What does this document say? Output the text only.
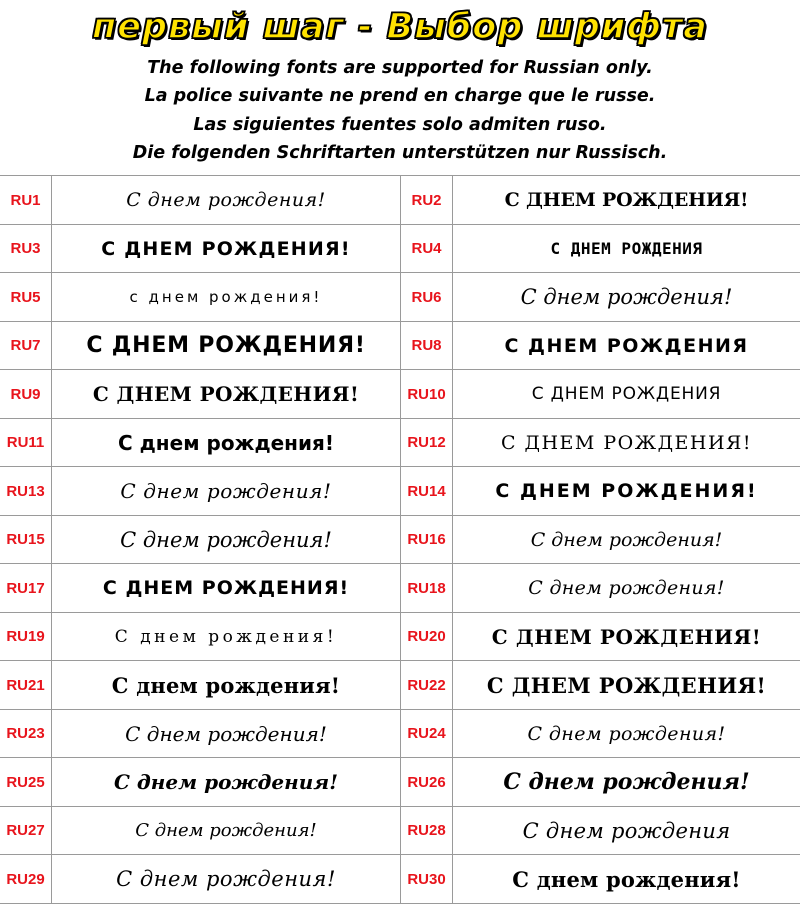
первый шаг - Выбор шрифта
The following fonts are supported for Russian only.
La police suivante ne prend en charge que le russe.
Las siguientes fuentes solo admiten ruso.
Die folgenden Schriftarten unterstützen nur Russisch.
RU1	С днем рождения!	RU2	С ДНЕМ РОЖДЕНИЯ!
RU3	С ДНЕМ РОЖДЕНИЯ!	RU4	С ДНЕМ РОЖДЕНИЯ
RU5	с днем рождения!	RU6	С днем рождения!
RU7	С ДНЕМ РОЖДЕНИЯ!	RU8	С ДНЕМ РОЖДЕНИЯ
RU9	С ДНЕМ РОЖДЕНИЯ!	RU10	С ДНЕМ РОЖДЕНИЯ
RU11	С днем рождения!	RU12	С ДНЕМ РОЖДЕНИЯ!
RU13	С днем рождения!	RU14	С ДНЕМ РОЖДЕНИЯ!
RU15	С днем рождения!	RU16	С днем рождения!
RU17	С ДНЕМ РОЖДЕНИЯ!	RU18	С днем рождения!
RU19	С днем рождения!	RU20	С ДНЕМ РОЖДЕНИЯ!
RU21	С днем рождения!	RU22	С ДНЕМ РОЖДЕНИЯ!
RU23	С днем рождения!	RU24	С днем рождения!
RU25	С днем рождения!	RU26	С днем рождения!
RU27	С днем рождения!	RU28	С днем рождения
RU29	С днем рождения!	RU30	С днем рождения!
